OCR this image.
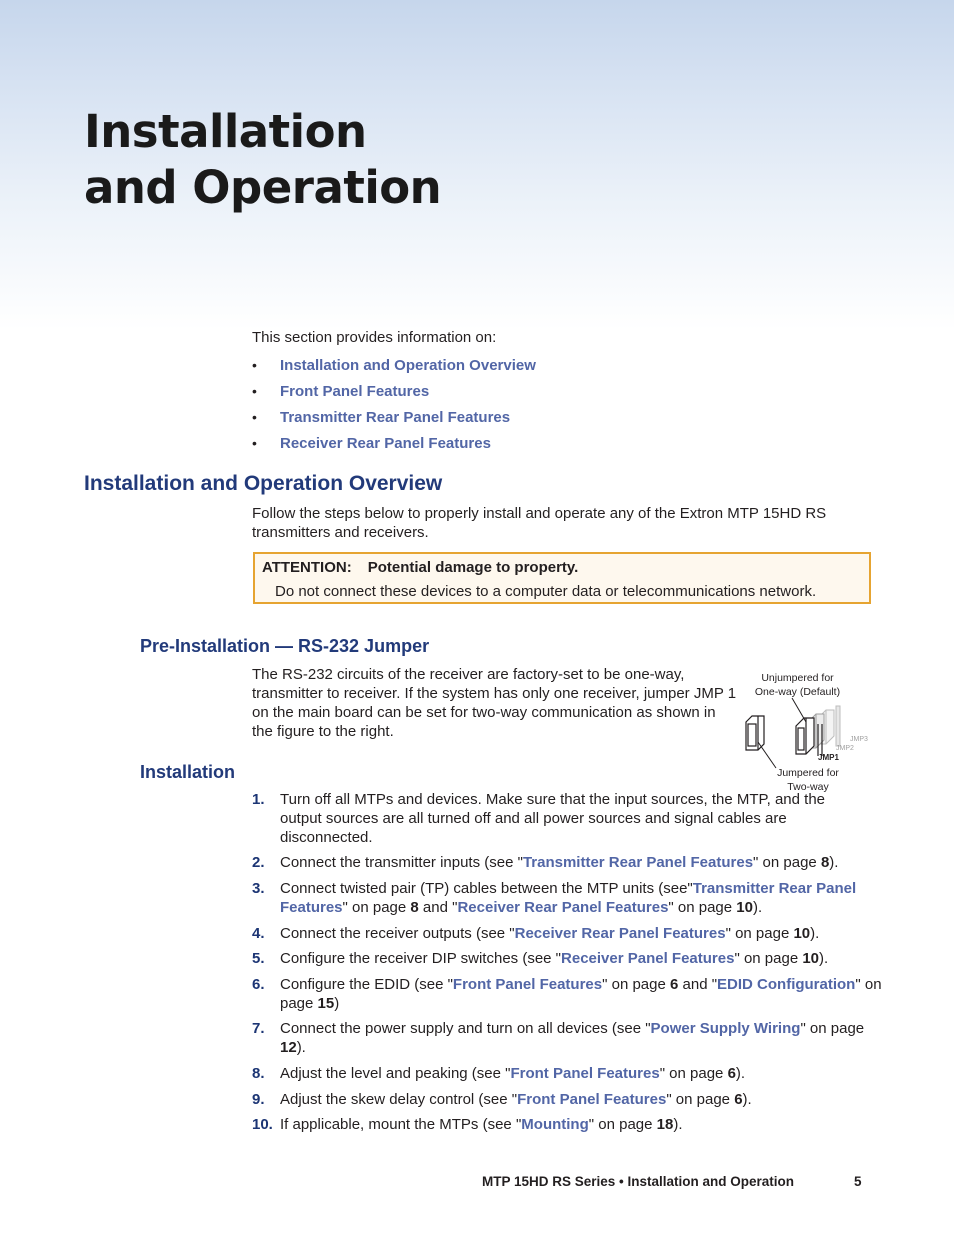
Installation
and Operation

This section provides information on:

•	Installation and Operation Overview
•	Front Panel Features
•	Transmitter Rear Panel Features
•	Receiver Rear Panel Features
Installation and Operation Overview

Follow the steps below to properly install and operate any of the Extron MTP 15HD RS transmitters and receivers.

ATTENTION: Potential damage to property.
Do not connect these devices to a computer data or telecommunications network.
Pre-Installation — RS-232 Jumper

The RS-232 circuits of the receiver are factory-set to be one-way, transmitter to receiver. If the system has only one receiver, jumper JMP 1 on the main board can be set for two-way communication as shown in the figure to the right.

Unjumpered for
One-way (Default)
JMP3
JMP2
JMP1
Jumpered for
Two-way
Installation
1. Turn off all MTPs and devices. Make sure that the input sources, the MTP, and the output sources are all turned off and all power sources and signal cables are disconnected.
2. Connect the transmitter inputs (see "Transmitter Rear Panel Features" on page 8).
3. Connect twisted pair (TP) cables between the MTP units (see"Transmitter Rear Panel Features" on page 8 and "Receiver Rear Panel Features" on page 10).
4. Connect the receiver outputs (see "Receiver Rear Panel Features" on page 10).
5. Configure the receiver DIP switches (see "Receiver Panel Features" on page 10).
6. Configure the EDID (see "Front Panel Features" on page 6 and "EDID Configuration" on page 15)
7. Connect the power supply and turn on all devices (see "Power Supply Wiring" on page 12).
8. Adjust the level and peaking (see "Front Panel Features" on page 6).
9. Adjust the skew delay control (see "Front Panel Features" on page 6).
10. If applicable, mount the MTPs (see "Mounting" on page 18).
MTP 15HD RS Series • Installation and Operation	5
